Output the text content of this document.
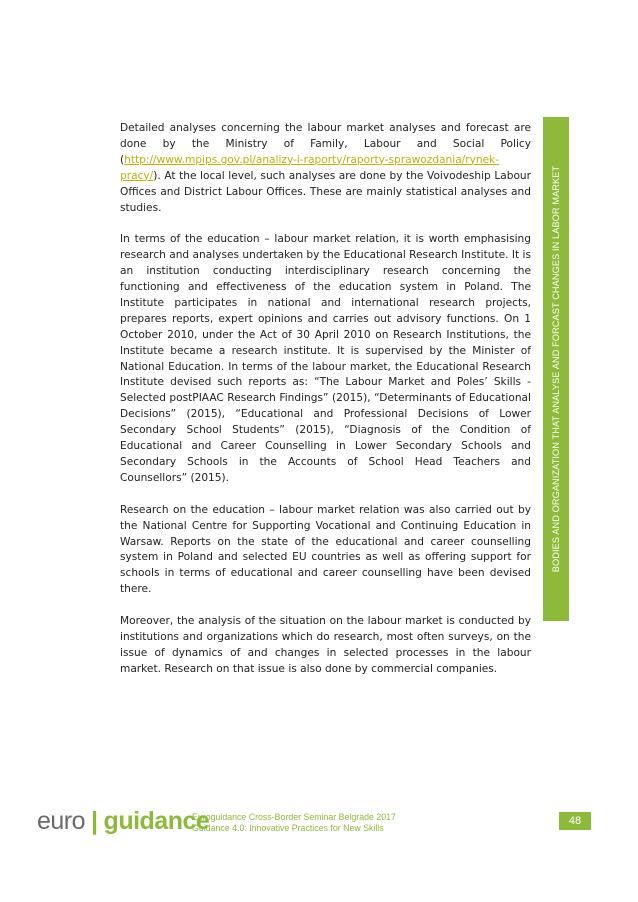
Detailed analyses concerning the labour market analyses and forecast are done by the Ministry of Family, Labour and Social Policy (http://www.mpips.gov.pl/analizy-i-raporty/raporty-sprawozdania/rynek-pracy/). At the local level, such analyses are done by the Voivodeship Labour Offices and District Labour Offices. These are mainly statistical analyses and studies.

In terms of the education – labour market relation, it is worth emphasising research and analyses undertaken by the Educational Research Institute. It is an institution conducting interdisciplinary research concerning the functioning and effectiveness of the education system in Poland. The Institute participates in national and international research projects, prepares reports, expert opinions and carries out advisory functions. On 1 October 2010, under the Act of 30 April 2010 on Research Institutions, the Institute became a research institute. It is supervised by the Minister of National Education. In terms of the labour market, the Educational Research Institute devised such reports as: “The Labour Market and Poles’ Skills - Selected postPIAAC Research Findings” (2015), “Determinants of Educational Decisions” (2015), “Educational and Professional Decisions of Lower Secondary School Students” (2015), “Diagnosis of the Condition of Educational and Career Counselling in Lower Secondary Schools and Secondary Schools in the Accounts of School Head Teachers and Counsellors” (2015).

Research on the education – labour market relation was also carried out by the National Centre for Supporting Vocational and Continuing Education in Warsaw. Reports on the state of the educational and career counselling system in Poland and selected EU countries as well as offering support for schools in terms of educational and career counselling have been devised there.

Moreover, the analysis of the situation on the labour market is conducted by institutions and organizations which do research, most often surveys, on the issue of dynamics of and changes in selected processes in the labour market. Research on that issue is also done by commercial companies.

BODIES AND ORGANIZATION THAT ANALYSE AND FORCAST CHANGES IN LABOR MARKET
euro | guidance
Euroguidance Cross-Border Seminar Belgrade 2017
Guidance 4.0: Innovative Practices for New Skills
48
